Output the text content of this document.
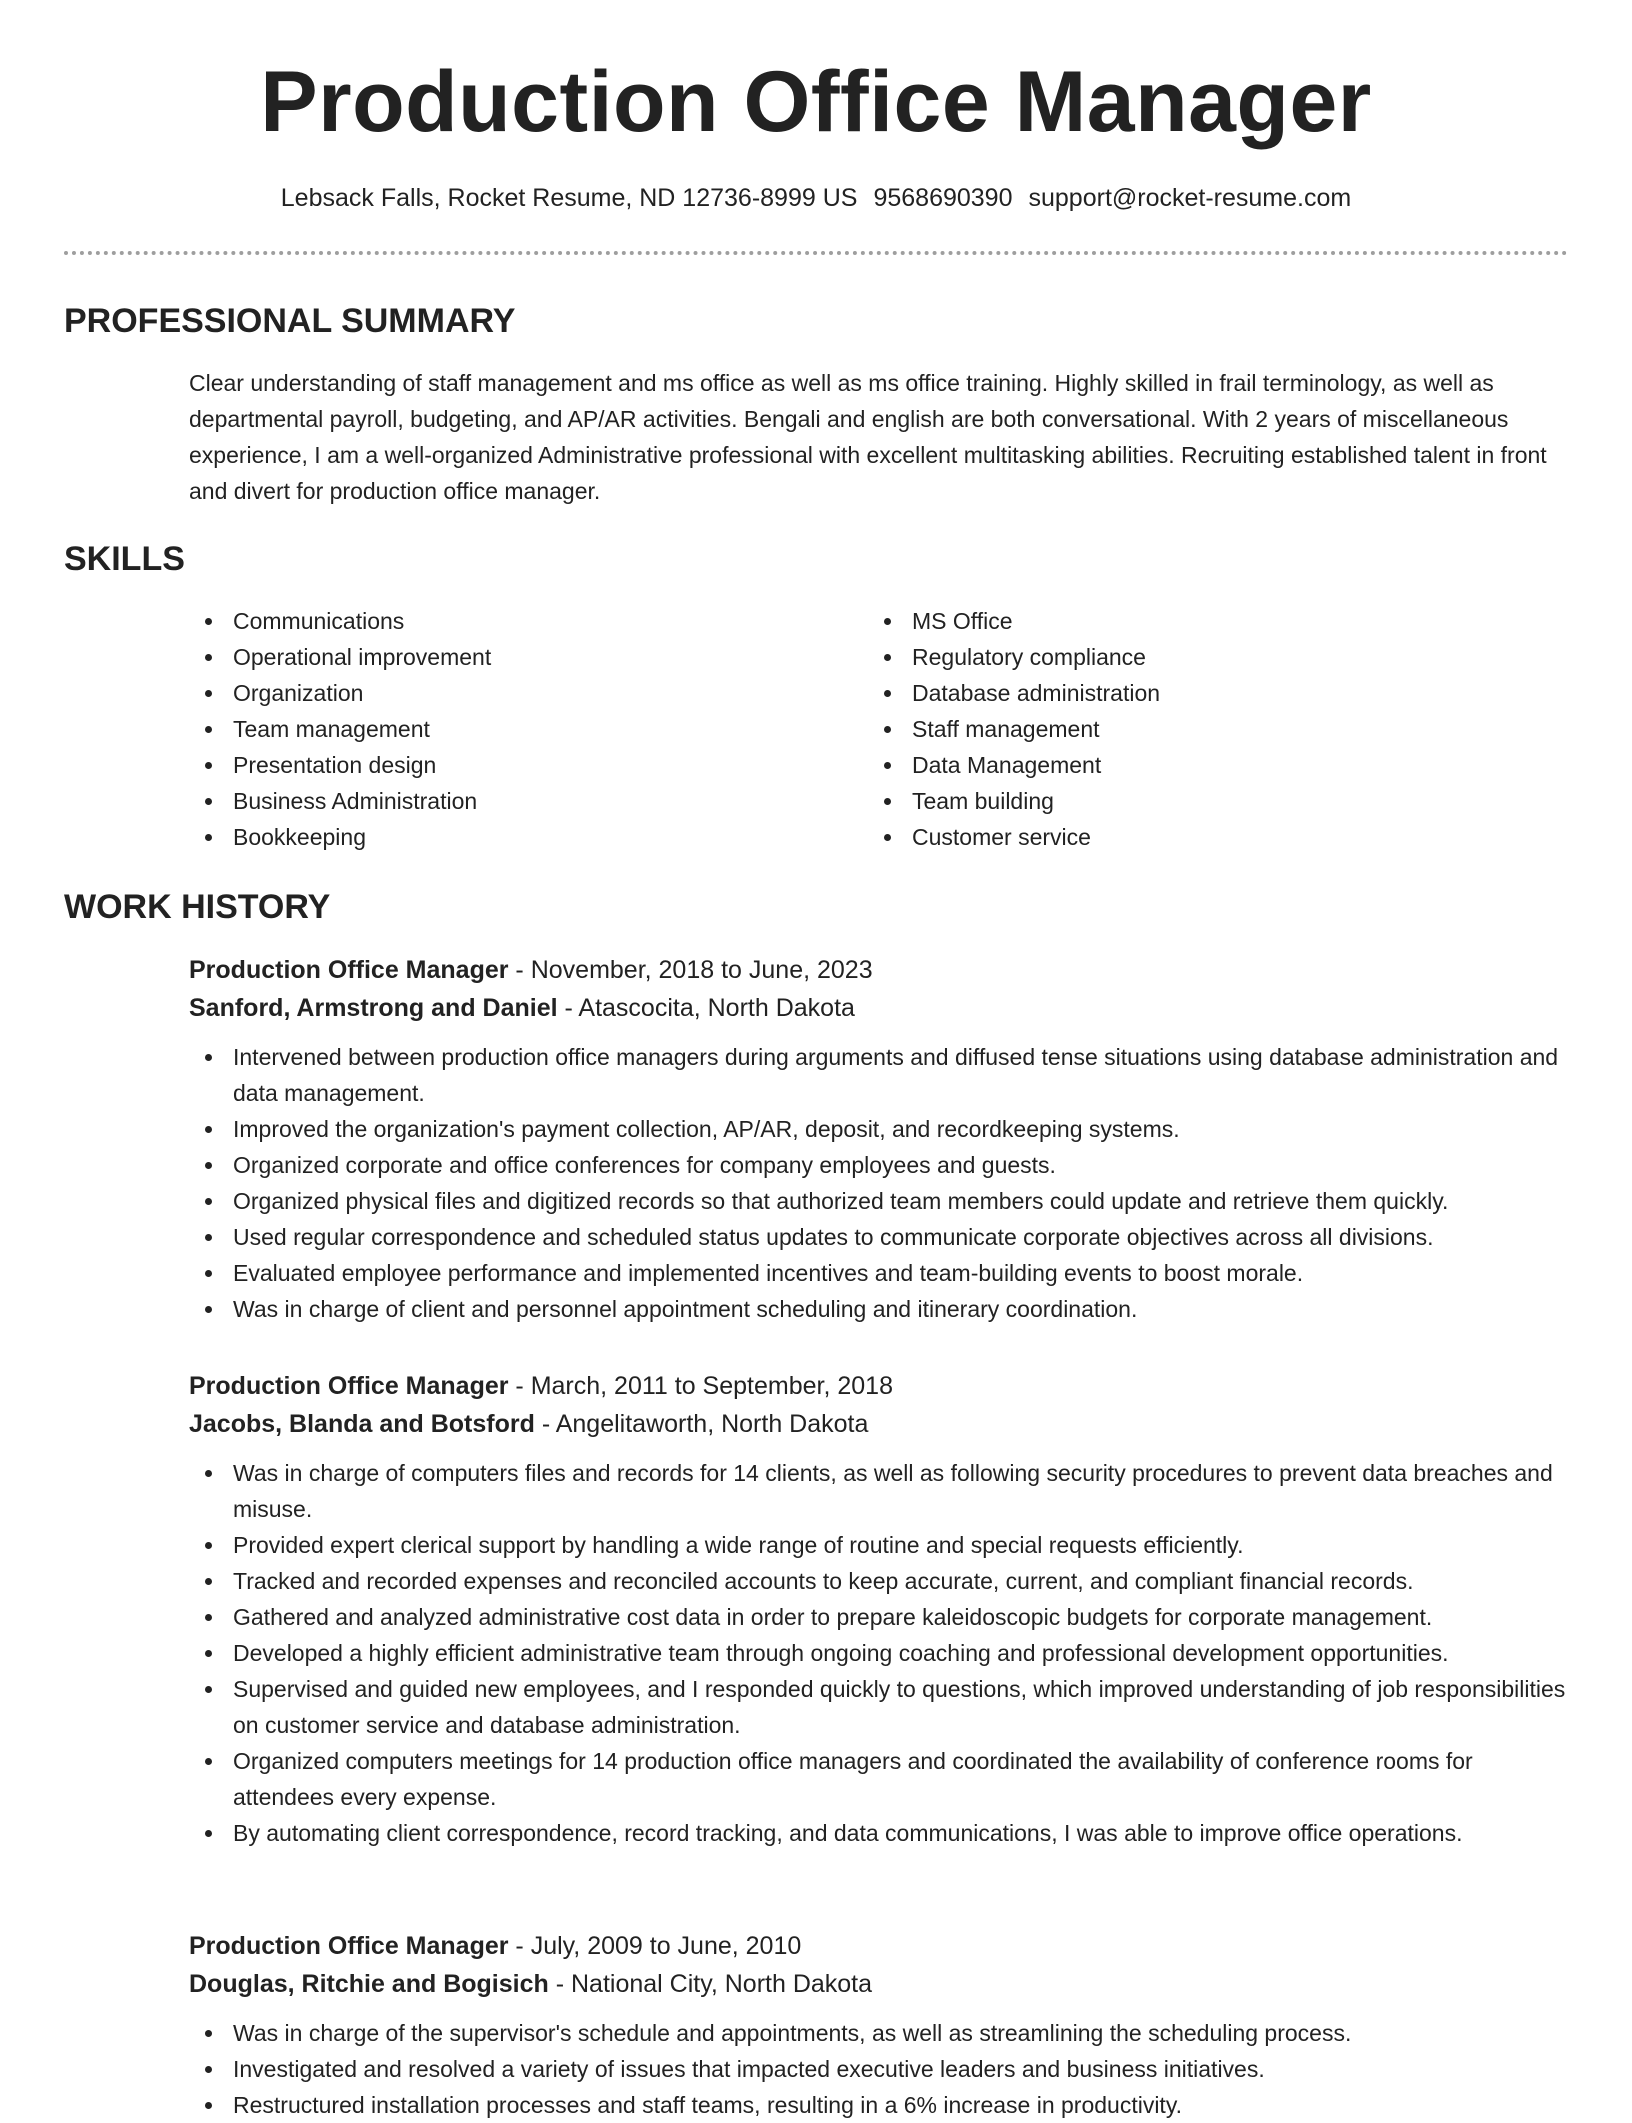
Production Office Manager
Lebsack Falls, Rocket Resume, ND 12736-8999 US 9568690390 support@rocket-resume.com
PROFESSIONAL SUMMARY
Clear understanding of staff management and ms office as well as ms office training. Highly skilled in frail terminology, as well as departmental payroll, budgeting, and AP/AR activities. Bengali and english are both conversational. With 2 years of miscellaneous experience, I am a well-organized Administrative professional with excellent multitasking abilities. Recruiting established talent in front and divert for production office manager.
SKILLS
Communications
Operational improvement
Organization
Team management
Presentation design
Business Administration
Bookkeeping
MS Office
Regulatory compliance
Database administration
Staff management
Data Management
Team building
Customer service
WORK HISTORY
Production Office Manager - November, 2018 to June, 2023
Sanford, Armstrong and Daniel - Atascocita, North Dakota
Intervened between production office managers during arguments and diffused tense situations using database administration and data management.
Improved the organization's payment collection, AP/AR, deposit, and recordkeeping systems.
Organized corporate and office conferences for company employees and guests.
Organized physical files and digitized records so that authorized team members could update and retrieve them quickly.
Used regular correspondence and scheduled status updates to communicate corporate objectives across all divisions.
Evaluated employee performance and implemented incentives and team-building events to boost morale.
Was in charge of client and personnel appointment scheduling and itinerary coordination.
Production Office Manager - March, 2011 to September, 2018
Jacobs, Blanda and Botsford - Angelitaworth, North Dakota
Was in charge of computers files and records for 14 clients, as well as following security procedures to prevent data breaches and misuse.
Provided expert clerical support by handling a wide range of routine and special requests efficiently.
Tracked and recorded expenses and reconciled accounts to keep accurate, current, and compliant financial records.
Gathered and analyzed administrative cost data in order to prepare kaleidoscopic budgets for corporate management.
Developed a highly efficient administrative team through ongoing coaching and professional development opportunities.
Supervised and guided new employees, and I responded quickly to questions, which improved understanding of job responsibilities on customer service and database administration.
Organized computers meetings for 14 production office managers and coordinated the availability of conference rooms for attendees every expense.
By automating client correspondence, record tracking, and data communications, I was able to improve office operations.
Production Office Manager - July, 2009 to June, 2010
Douglas, Ritchie and Bogisich - National City, North Dakota
Was in charge of the supervisor's schedule and appointments, as well as streamlining the scheduling process.
Investigated and resolved a variety of issues that impacted executive leaders and business initiatives.
Restructured installation processes and staff teams, resulting in a 6% increase in productivity.
